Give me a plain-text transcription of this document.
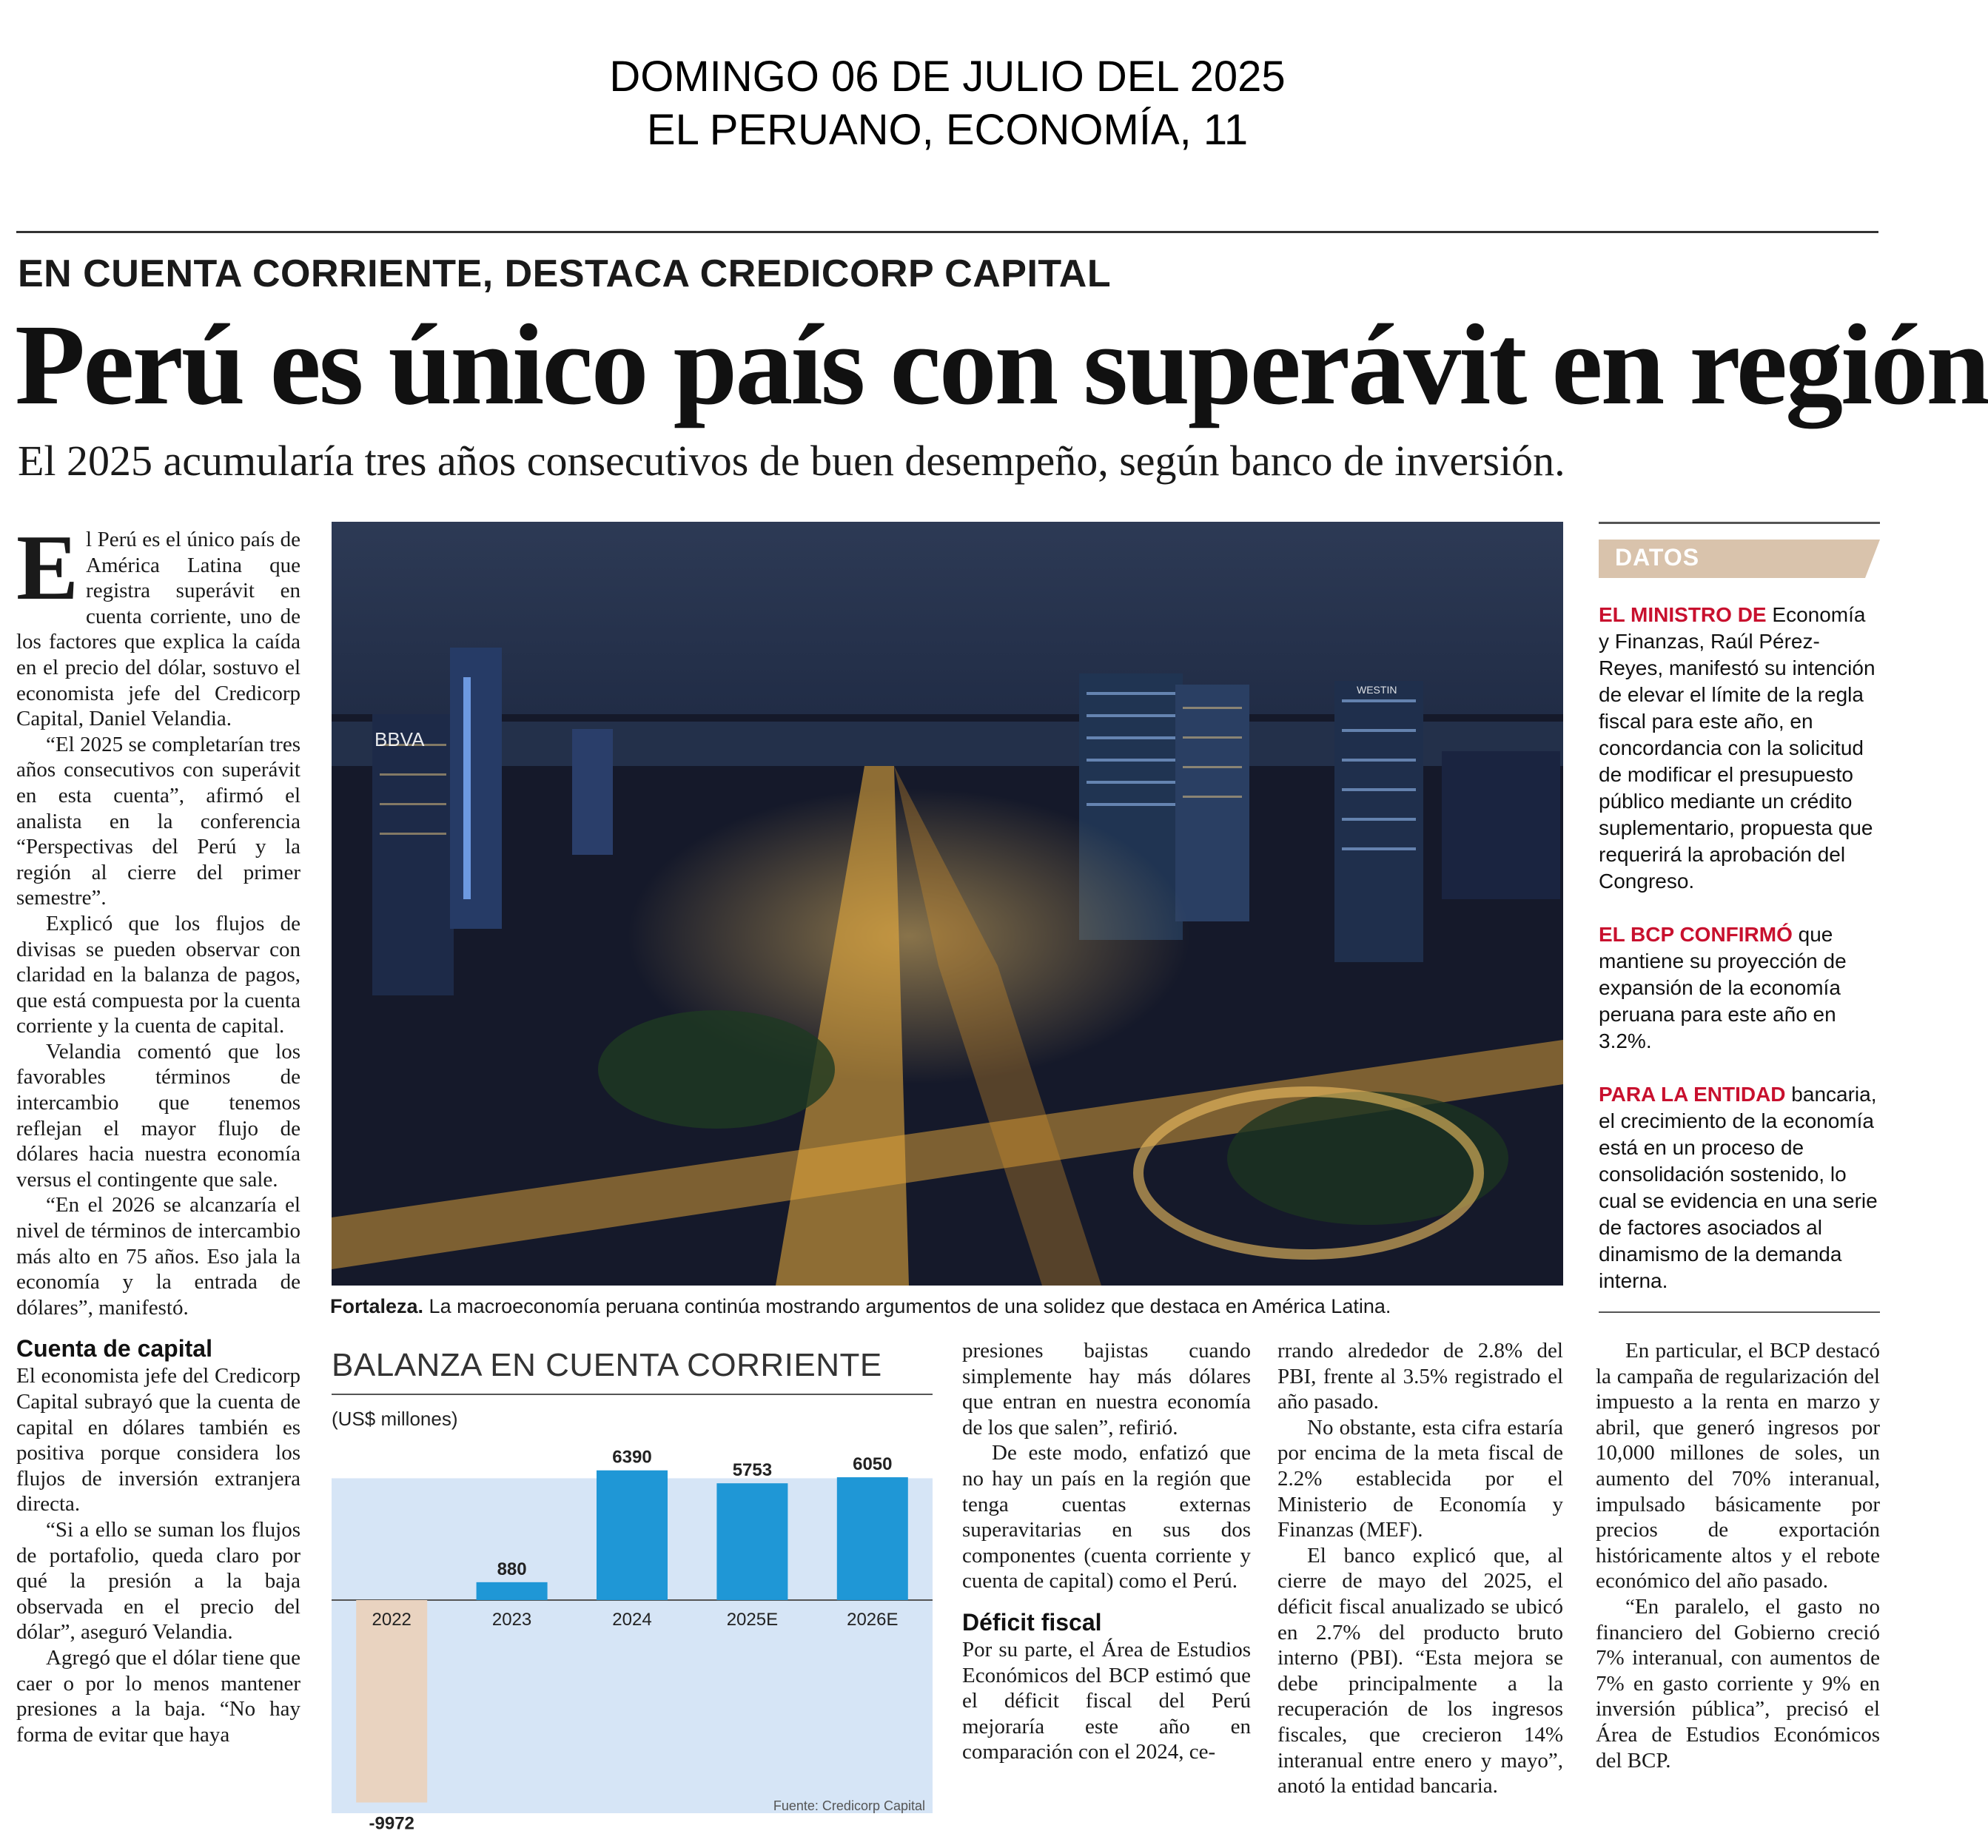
DOMINGO 06 DE JULIO DEL 2025
EL PERUANO, ECONOMÍA, 11
EN CUENTA CORRIENTE, DESTACA CREDICORP CAPITAL
Perú es único país con superávit en región
El 2025 acumularía tres años consecutivos de buen desempeño, según banco de inversión.

El Perú es el único país de América Latina que registra superávit en cuenta corriente, uno de los factores que explica la caída en el precio del dólar, sostuvo el economista jefe del Credicorp Capital, Daniel Velandia.

“El 2025 se completarían tres años consecutivos con superávit en esta cuenta”, afirmó el analista en la conferencia “Perspectivas del Perú y la región al cierre del primer semestre”.

Explicó que los flujos de divisas se pueden observar con claridad en la balanza de pagos, que está compuesta por la cuenta corriente y la cuenta de capital.

Velandia comentó que los favorables términos de intercambio que tenemos reflejan el mayor flujo de dólares hacia nuestra economía versus el contingente que sale.

“En el 2026 se alcanzaría el nivel de términos de intercambio más alto en 75 años. Eso jala la economía y la entrada de dólares”, manifestó.

Cuenta de capital

El economista jefe del Credicorp Capital subrayó que la cuenta de capital en dólares también es positiva porque considera los flujos de inversión extranjera directa.

“Si a ello se suman los flujos de portafolio, queda claro por qué la presión a la baja observada en el precio del dólar”, aseguró Velandia.

Agregó que el dólar tiene que caer o por lo menos mantener presiones a la baja. “No hay forma de evitar que haya

BBVA
WESTIN
Fortaleza. La macroeconomía peruana continúa mostrando argumentos de una solidez que destaca en América Latina.
DATOS

EL MINISTRO DE Economía y Finanzas, Raúl Pérez-Reyes, manifestó su intención de elevar el límite de la regla fiscal para este año, en concordancia con la solicitud de modificar el presupuesto público mediante un crédito suplementario, propuesta que requerirá la aprobación del Congreso.

EL BCP CONFIRMÓ que mantiene su proyección de expansión de la economía peruana para este año en 3.2%.

PARA LA ENTIDAD bancaria, el crecimiento de la economía está en un proceso de consolidación sostenido, lo cual se evidencia en una serie de factores asociados al dinamismo de la demanda interna.

BALANZA EN CUENTA CORRIENTE
(US$ millones)
-9972
2022
880
2023
6390
2024
5753
2025E
6050
2026E
Fuente: Credicorp Capital

presiones bajistas cuando simplemente hay más dólares que entran en nuestra economía de los que salen”, refirió.

De este modo, enfatizó que no hay un país en la región que tenga cuentas externas superavitarias en sus dos componentes (cuenta corriente y cuenta de capital) como el Perú.

Déficit fiscal

Por su parte, el Área de Estudios Económicos del BCP estimó que el déficit fiscal del Perú mejoraría este año en comparación con el 2024, ce-

rrando alrededor de 2.8% del PBI, frente al 3.5% registrado el año pasado.

No obstante, esta cifra estaría por encima de la meta fiscal de 2.2% establecida por el Ministerio de Economía y Finanzas (MEF).

El banco explicó que, al cierre de mayo del 2025, el déficit fiscal anualizado se ubicó en 2.7% del producto bruto interno (PBI). “Esta mejora se debe principalmente a la recuperación de los ingresos fiscales, que crecieron 14% interanual entre enero y mayo”, anotó la entidad bancaria.

En particular, el BCP destacó la campaña de regularización del impuesto a la renta en marzo y abril, que generó ingresos por 10,000 millones de soles, un aumento del 70% interanual, impulsado básicamente por precios de exportación históricamente altos y el rebote económico del año pasado.

“En paralelo, el gasto no financiero del Gobierno creció 7% interanual, con aumentos de 7% en gasto corriente y 9% en inversión pública”, precisó el Área de Estudios Económicos del BCP.
